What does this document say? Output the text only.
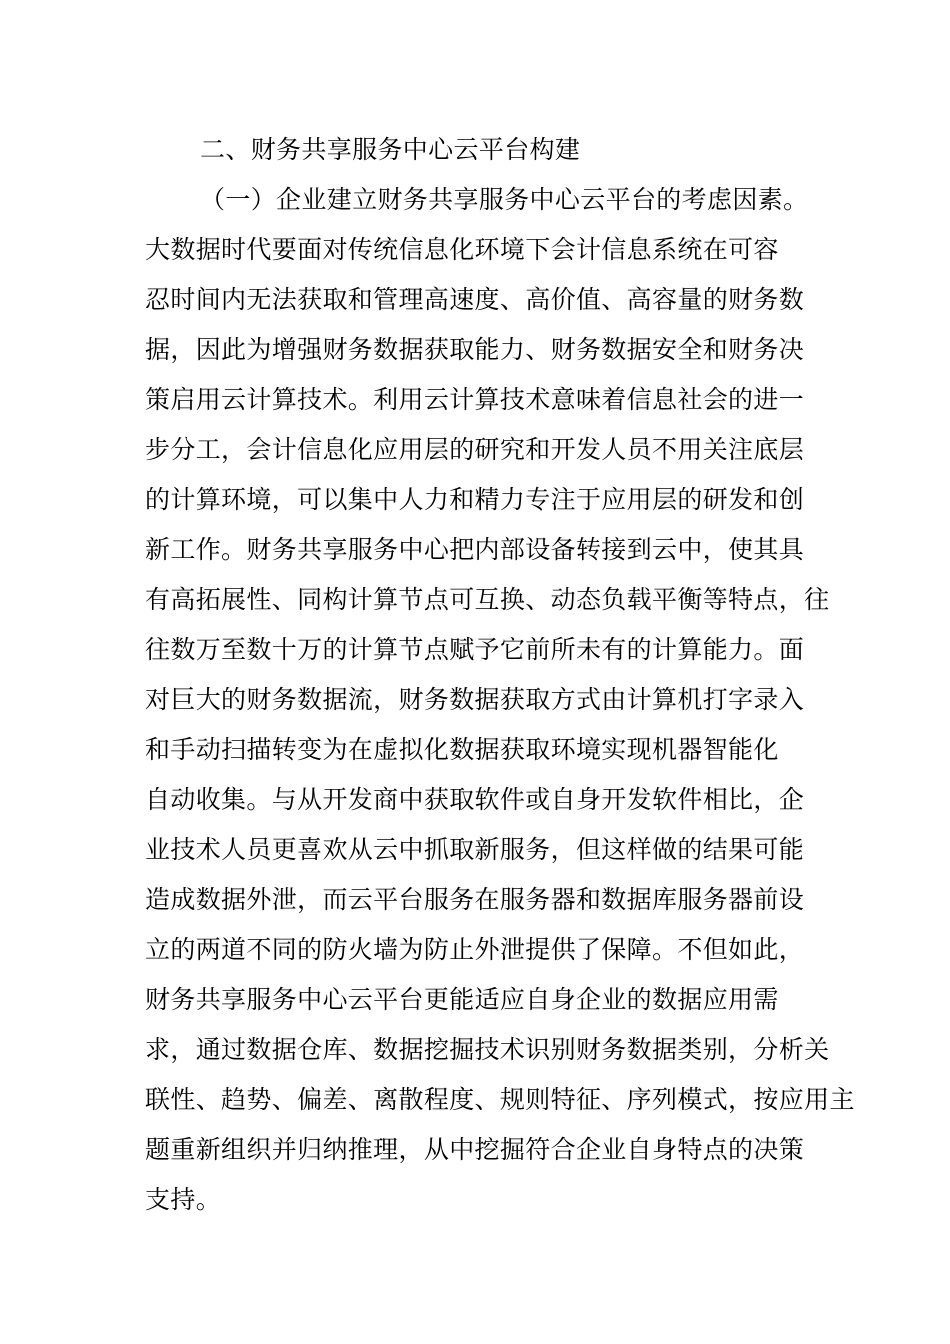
二、财务共享服务中心云平台构建
（一）企业建立财务共享服务中心云平台的考虑因素。
大数据时代要面对传统信息化环境下会计信息系统在可容
忍时间内无法获取和管理高速度、高价值、高容量的财务数
据，因此为增强财务数据获取能力、财务数据安全和财务决
策启用云计算技术。利用云计算技术意味着信息社会的进一
步分工，会计信息化应用层的研究和开发人员不用关注底层
的计算环境，可以集中人力和精力专注于应用层的研发和创
新工作。财务共享服务中心把内部设备转接到云中，使其具
有高拓展性、同构计算节点可互换、动态负载平衡等特点，往
往数万至数十万的计算节点赋予它前所未有的计算能力。面
对巨大的财务数据流，财务数据获取方式由计算机打字录入
和手动扫描转变为在虚拟化数据获取环境实现机器智能化
自动收集。与从开发商中获取软件或自身开发软件相比，企
业技术人员更喜欢从云中抓取新服务，但这样做的结果可能
造成数据外泄，而云平台服务在服务器和数据库服务器前设
立的两道不同的防火墙为防止外泄提供了保障。不但如此，
财务共享服务中心云平台更能适应自身企业的数据应用需
求，通过数据仓库、数据挖掘技术识别财务数据类别，分析关
联性、趋势、偏差、离散程度、规则特征、序列模式，按应用主
题重新组织并归纳推理，从中挖掘符合企业自身特点的决策
支持。
